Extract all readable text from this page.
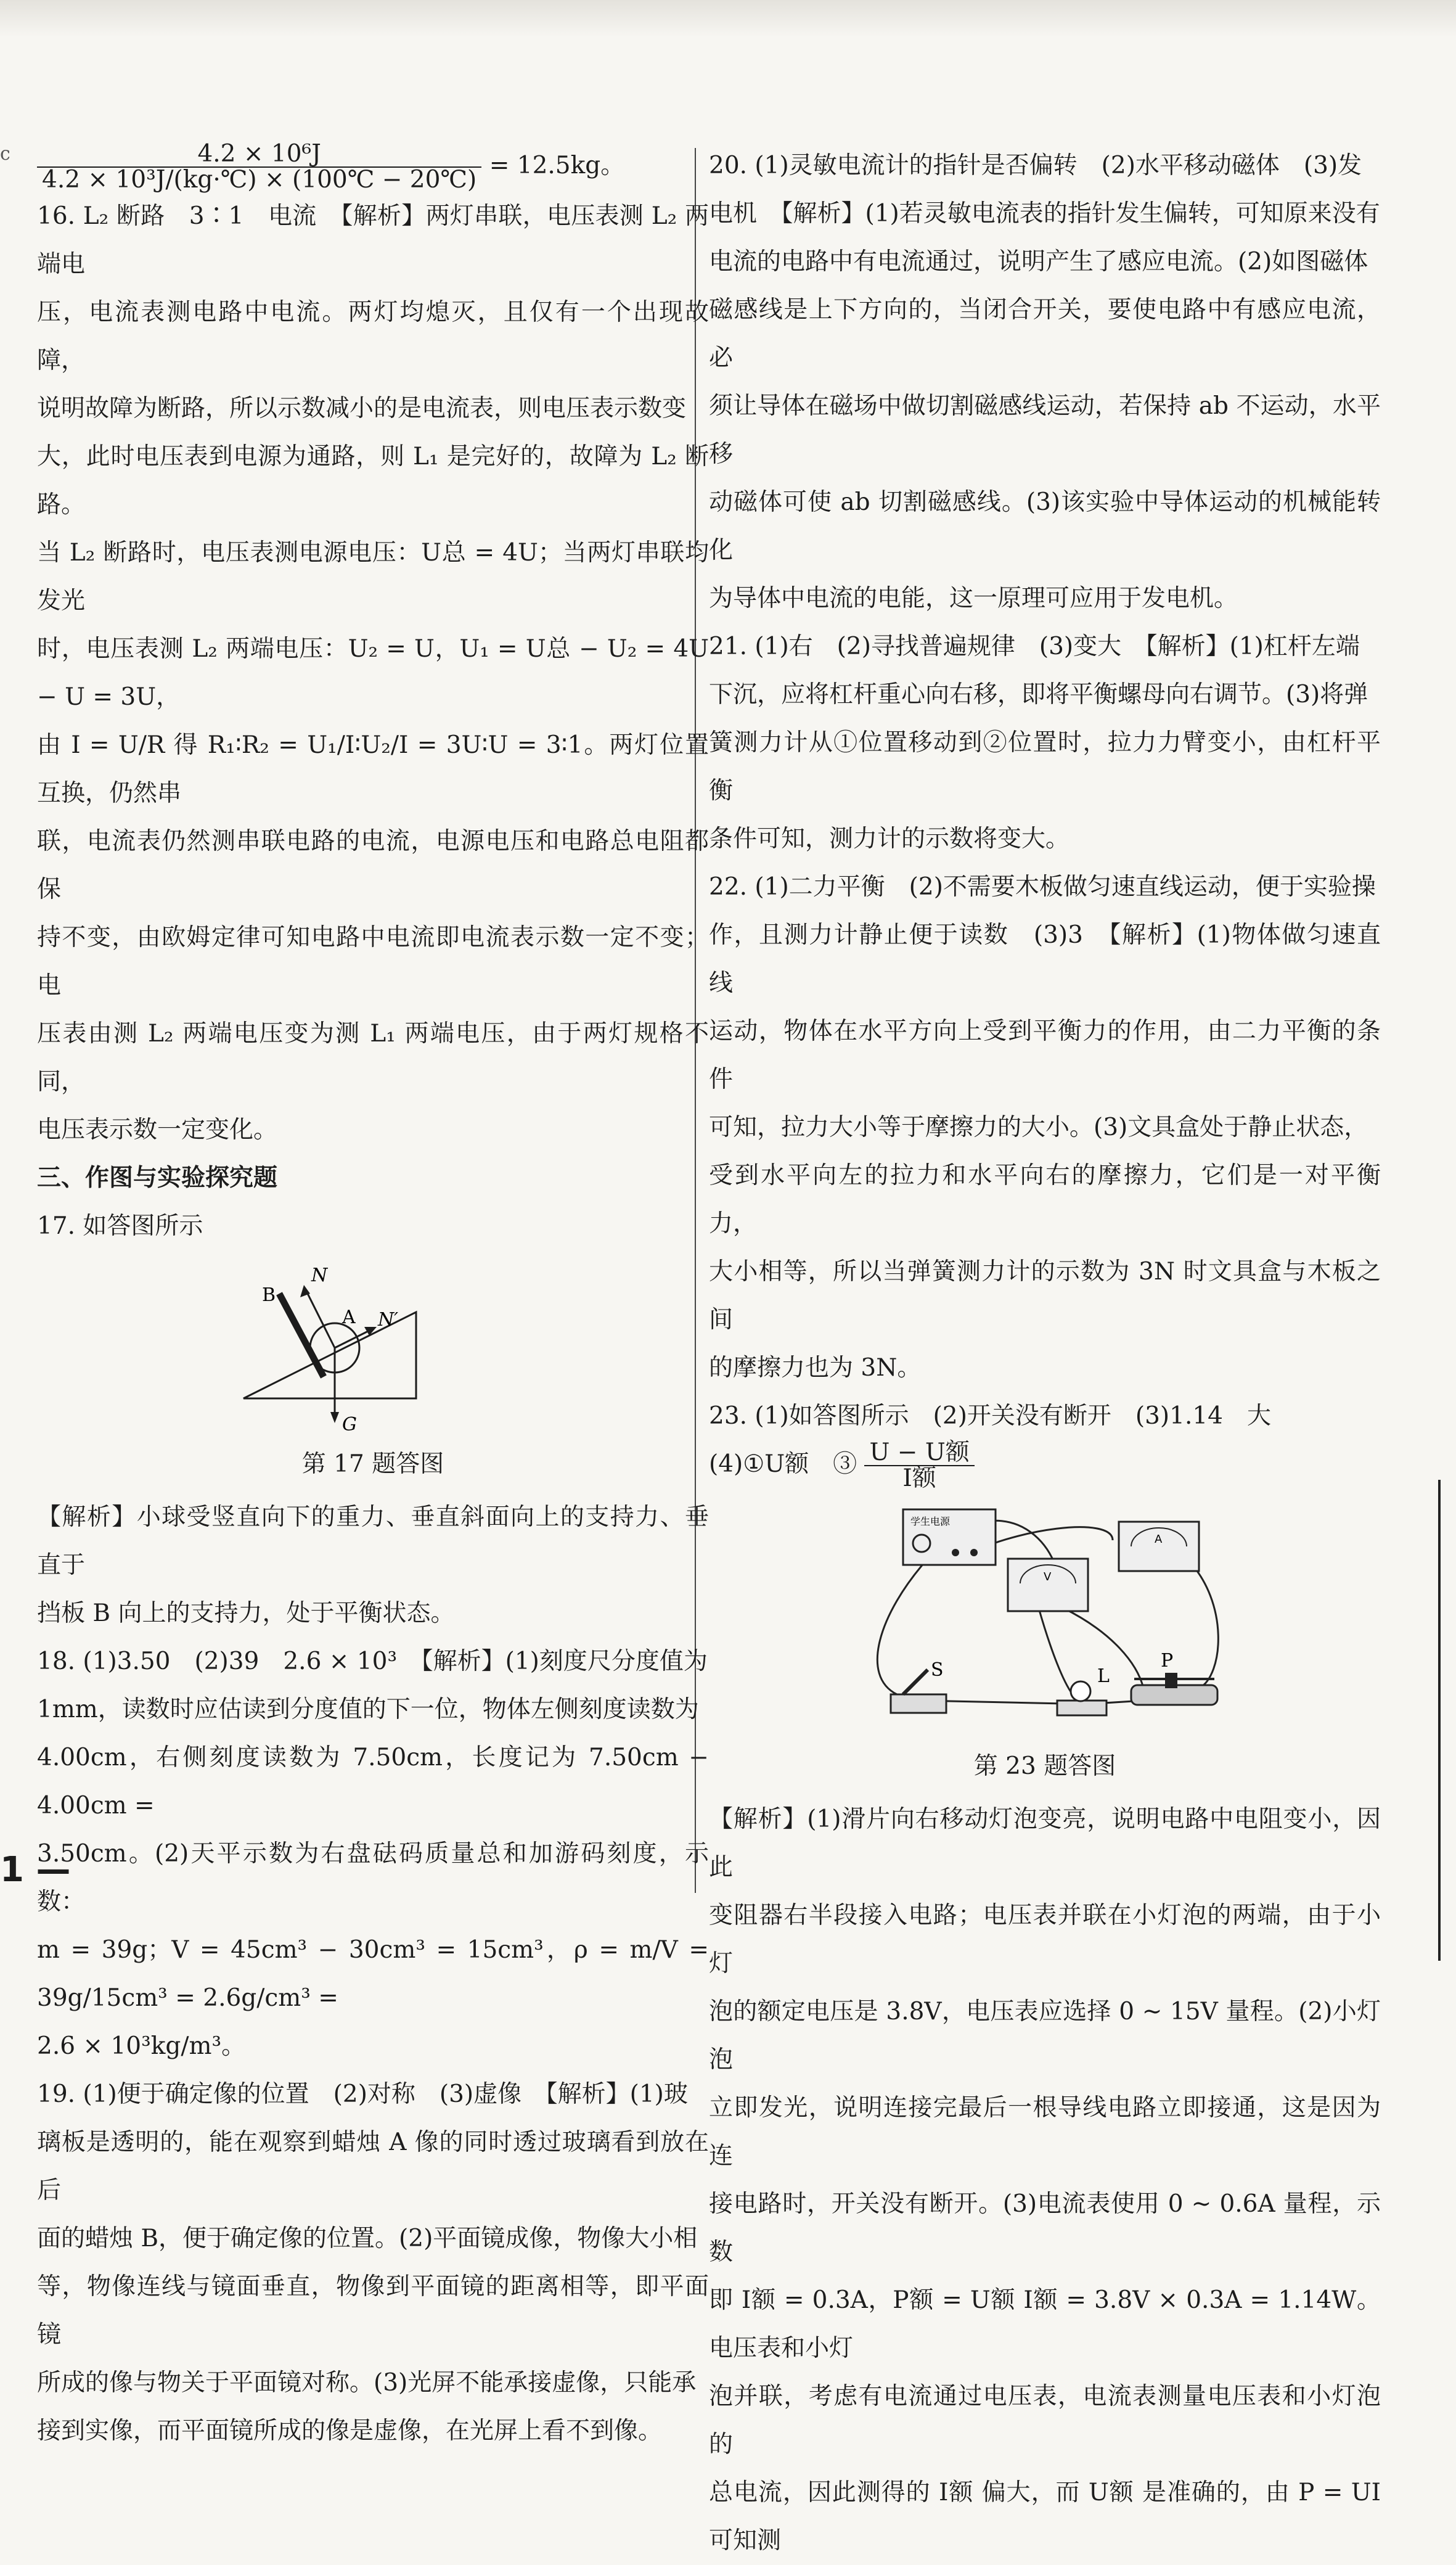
c $\frac{\text{4.2 × 10⁶J}}{\text{4.2 × 10³J/(kg·℃) × (100℃ − 20℃)}} = 12.5kg$。

16. L₂ 断路　3∶1　电流　【解析】两灯串联，电压表测 L₂ 两端电

压，电流表测电路中电流。两灯均熄灭，且仅有一个出现故障，

说明故障为断路，所以示数减小的是电流表，则电压表示数变

大，此时电压表到电源为通路，则 L₁ 是完好的，故障为 L₂ 断路。

当 L₂ 断路时，电压表测电源电压：U总 = 4U；当两灯串联均发光

时，电压表测 L₂ 两端电压：U₂ = U，U₁ = U总 − U₂ = 4U − U = 3U，

由 I = U/R 得 R₁∶R₂ = U₁/I∶U₂/I = 3U∶U = 3∶1。两灯位置互换，仍然串

联，电流表仍然测串联电路的电流，电源电压和电路总电阻都保

持不变，由欧姆定律可知电路中电流即电流表示数一定不变；电

压表由测 L₂ 两端电压变为测 L₁ 两端电压，由于两灯规格不同，

电压表示数一定变化。

三、作图与实验探究题

17. 如答图所示

B
A
N
N′
G

第 17 题答图

【解析】小球受竖直向下的重力、垂直斜面向上的支持力、垂直于

挡板 B 向上的支持力，处于平衡状态。

18. (1)3.50　(2)39　2.6 × 10³　【解析】(1)刻度尺分度值为

1mm，读数时应估读到分度值的下一位，物体左侧刻度读数为

4.00cm，右侧刻度读数为 7.50cm，长度记为 7.50cm − 4.00cm =

3.50cm。(2)天平示数为右盘砝码质量总和加游码刻度，示数：

m = 39g；V = 45cm³ − 30cm³ = 15cm³，ρ = m/V = 39g/15cm³ = 2.6g/cm³ =

2.6 × 10³kg/m³。

19. (1)便于确定像的位置　(2)对称　(3)虚像　【解析】(1)玻

璃板是透明的，能在观察到蜡烛 A 像的同时透过玻璃看到放在后

面的蜡烛 B，便于确定像的位置。(2)平面镜成像，物像大小相

等，物像连线与镜面垂直，物像到平面镜的距离相等，即平面镜

所成的像与物关于平面镜对称。(3)光屏不能承接虚像，只能承

接到实像，而平面镜所成的像是虚像，在光屏上看不到像。

20. (1)灵敏电流计的指针是否偏转　(2)水平移动磁体　(3)发

电机　【解析】(1)若灵敏电流表的指针发生偏转，可知原来没有

电流的电路中有电流通过，说明产生了感应电流。(2)如图磁体

磁感线是上下方向的，当闭合开关，要使电路中有感应电流，必

须让导体在磁场中做切割磁感线运动，若保持 ab 不运动，水平移

动磁体可使 ab 切割磁感线。(3)该实验中导体运动的机械能转化

为导体中电流的电能，这一原理可应用于发电机。

21. (1)右　(2)寻找普遍规律　(3)变大　【解析】(1)杠杆左端

下沉，应将杠杆重心向右移，即将平衡螺母向右调节。(3)将弹

簧测力计从①位置移动到②位置时，拉力力臂变小，由杠杆平衡

条件可知，测力计的示数将变大。

22. (1)二力平衡　(2)不需要木板做匀速直线运动，便于实验操

作，且测力计静止便于读数　(3)3　【解析】(1)物体做匀速直线

运动，物体在水平方向上受到平衡力的作用，由二力平衡的条件

可知，拉力大小等于摩擦力的大小。(3)文具盒处于静止状态，

受到水平向左的拉力和水平向右的摩擦力，它们是一对平衡力，

大小相等，所以当弹簧测力计的示数为 3N 时文具盒与木板之间

的摩擦力也为 3N。

23. (1)如答图所示　(2)开关没有断开　(3)1.14　大

(4)①U额　③ $\frac{\text{U − U额}}{\text{I额}}$

学生电源
A
V
S	L
P

第 23 题答图

【解析】(1)滑片向右移动灯泡变亮，说明电路中电阻变小，因此

变阻器右半段接入电路；电压表并联在小灯泡的两端，由于小灯

泡的额定电压是 3.8V，电压表应选择 0 ~ 15V 量程。(2)小灯泡

立即发光，说明连接完最后一根导线电路立即接通，这是因为连

接电路时，开关没有断开。(3)电流表使用 0 ~ 0.6A 量程，示数

即 I额 = 0.3A，P额 = U额 I额 = 3.8V × 0.3A = 1.14W。电压表和小灯

泡并联，考虑有电流通过电压表，电流表测量电压表和小灯泡的

总电流，因此测得的 I额 偏大，而 U额 是准确的，由 P = UI 可知测

1 —
